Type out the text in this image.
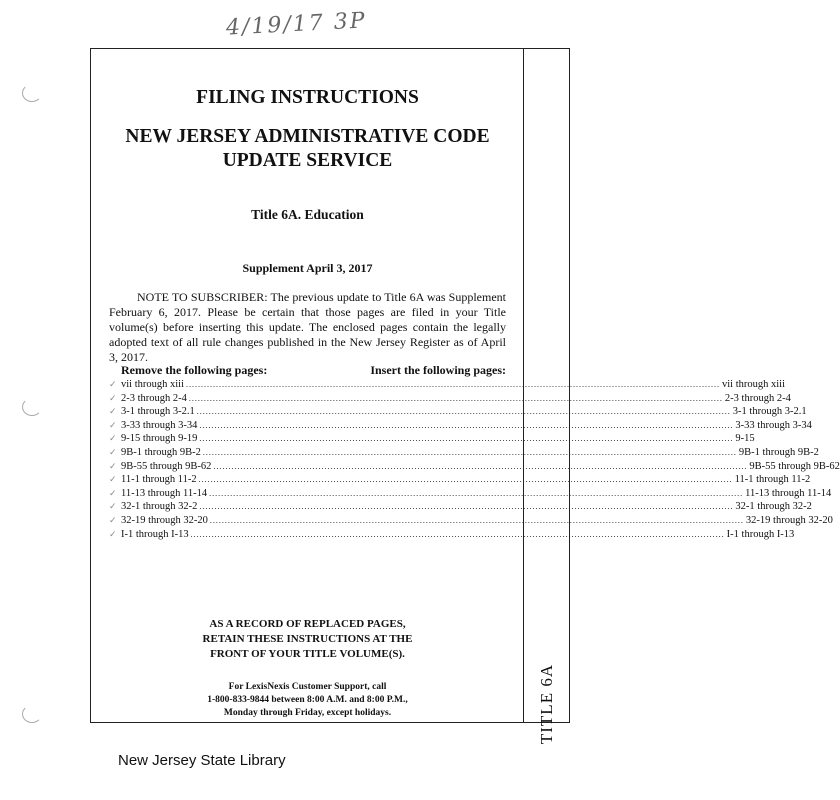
4/19/17 3P
FILING INSTRUCTIONS
NEW JERSEY ADMINISTRATIVE CODE
UPDATE SERVICE
Title 6A. Education
Supplement April 3, 2017
NOTE TO SUBSCRIBER: The previous update to Title 6A was Supplement February 6, 2017. Please be certain that those pages are filed in your Title volume(s) before inserting this update. The enclosed pages contain the legally adopted text of all rule changes published in the New Jersey Register as of April 3, 2017.
Remove the following pages:	Insert the following pages:
✓ vii through xiii .................................................................................................................................................................................. vii through xiii
✓ 2-3 through 2-4 .................................................................................................................................................................................. 2-3 through 2-4
✓ 3-1 through 3-2.1 .................................................................................................................................................................................. 3-1 through 3-2.1
✓ 3-33 through 3-34 .................................................................................................................................................................................. 3-33 through 3-34
✓ 9-15 through 9-19 .................................................................................................................................................................................. 9-15
✓ 9B-1 through 9B-2 .................................................................................................................................................................................. 9B-1 through 9B-2
✓ 9B-55 through 9B-62 .................................................................................................................................................................................. 9B-55 through 9B-62
✓ 11-1 through 11-2 .................................................................................................................................................................................. 11-1 through 11-2
✓ 11-13 through 11-14 .................................................................................................................................................................................. 11-13 through 11-14
✓ 32-1 through 32-2 .................................................................................................................................................................................. 32-1 through 32-2
✓ 32-19 through 32-20 .................................................................................................................................................................................. 32-19 through 32-20
✓ I-1 through I-13 .................................................................................................................................................................................. I-1 through I-13
AS A RECORD OF REPLACED PAGES,
RETAIN THESE INSTRUCTIONS AT THE
FRONT OF YOUR TITLE VOLUME(S).
For LexisNexis Customer Support, call
1-800-833-9844 between 8:00 A.M. and 8:00 P.M.,
Monday through Friday, except holidays.	TITLE 6A
New Jersey State Library
